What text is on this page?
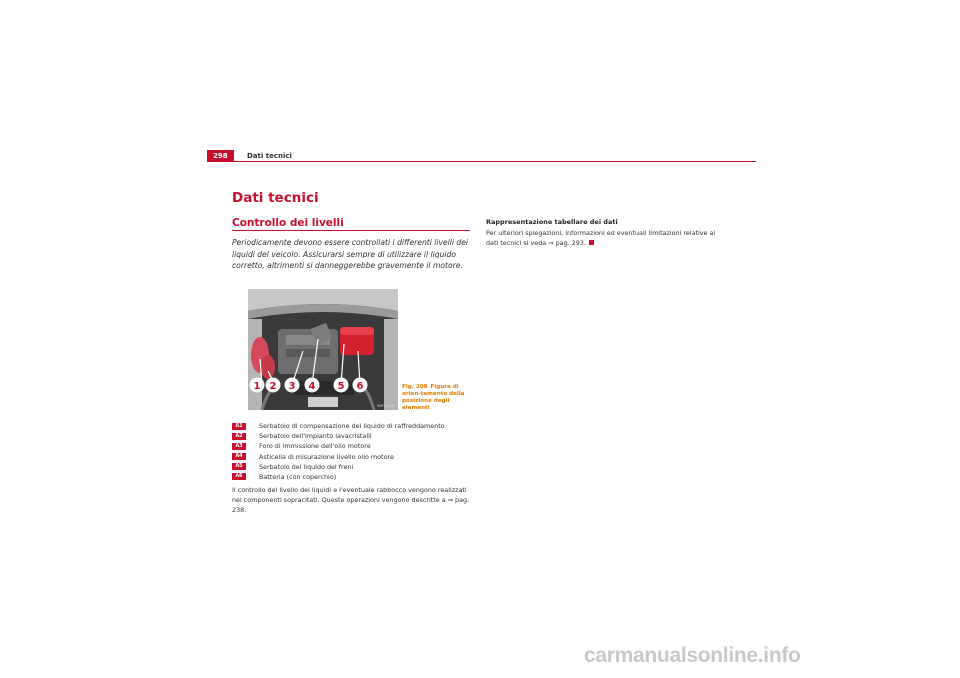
298	Dati tecnici
Dati tecnici
Controllo dei livelli

Periodicamente devono essere controllati i differenti livelli dei liquidi del veicolo. Assicurarsi sempre di utilizzare il liquido corretto, altrimenti si danneggerebbe gravemente il motore.

1 2 3 4 5 6
B5F-0338

Fig. 208 Figura di orien-tamento della posizione degli elementi

A1	Serbatoio di compensazione del liquido di raffreddamento
A2	Serbatoio dell'impianto lavacristalli
A3	Foro di immissione dell'olio motore
A4	Asticella di misurazione livello olio motore
A5	Serbatoio del liquido dei freni
A6	Batteria (con coperchio)

Il controllo del livello dei liquidi e l'eventuale rabbocco vengono realizzati nei componenti sopracitati. Queste operazioni vengono descritte a ⇒ pag. 238.

Rappresentazione tabellare dei dati

Per ulteriori spiegazioni, informazioni ed eventuali limitazioni relative ai dati tecnici si veda ⇒ pag. 293.

carmanualsonline.info
